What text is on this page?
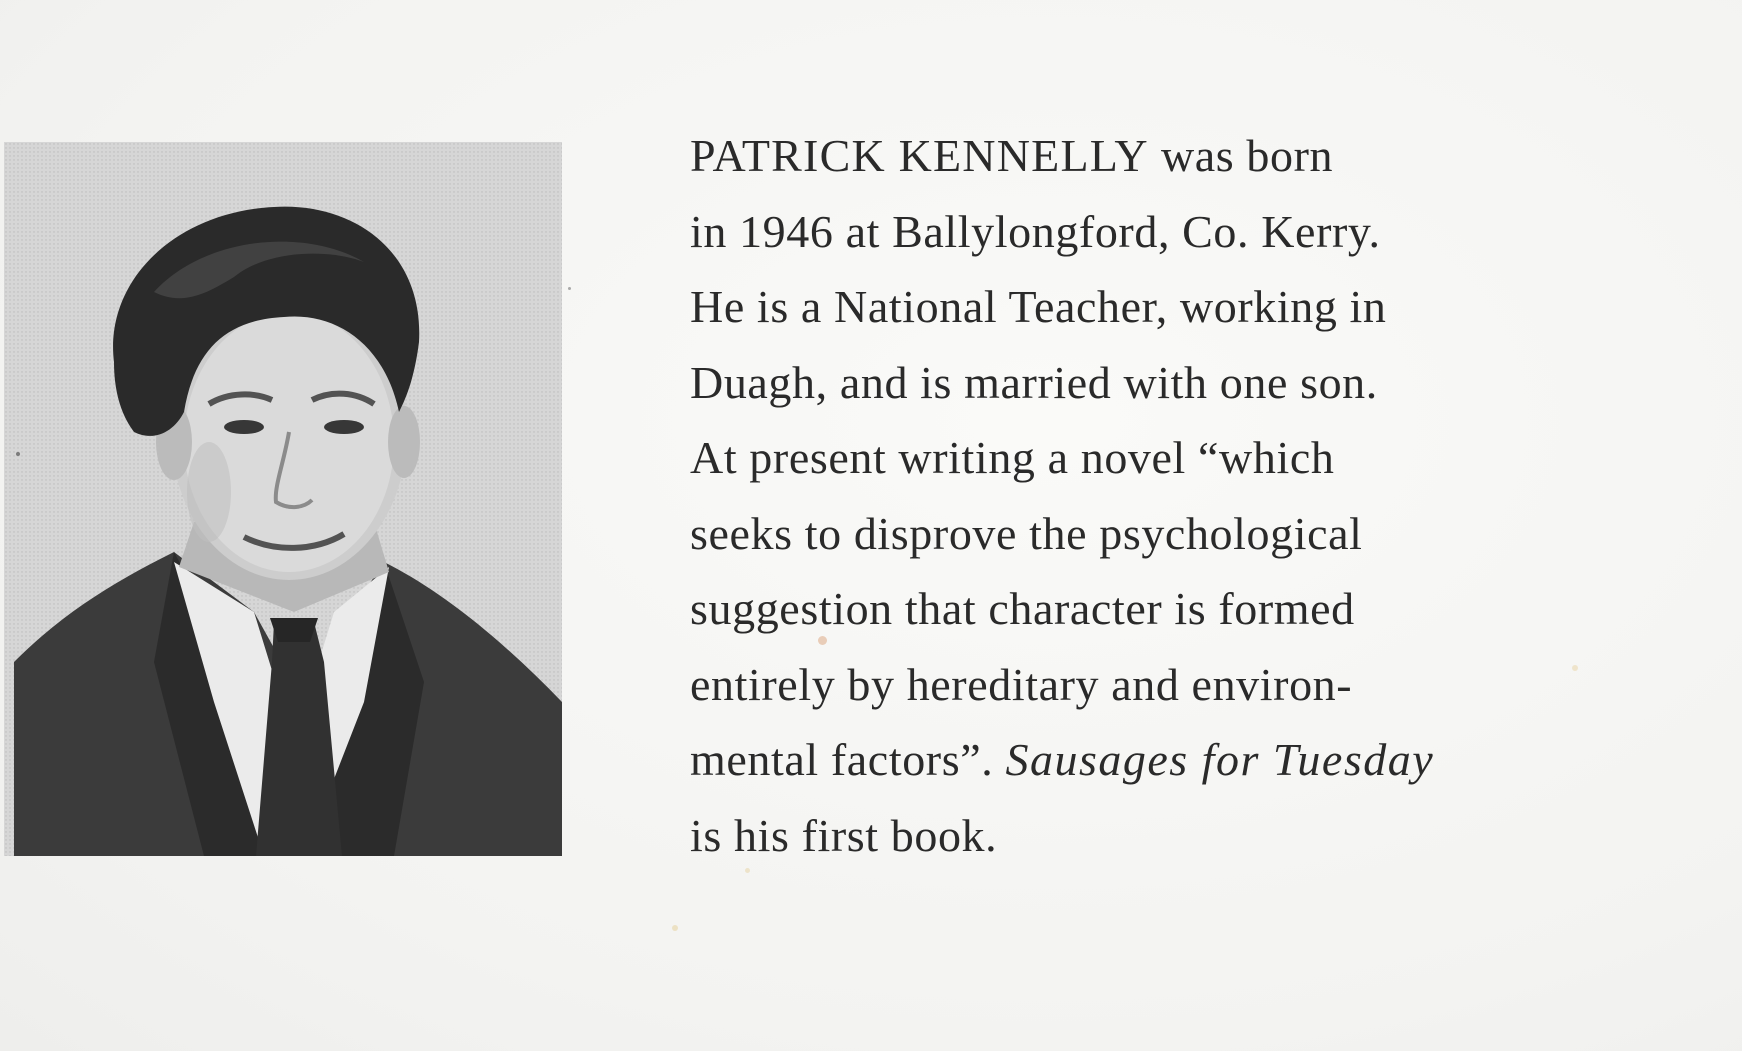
PATRICK KENNELLY was born
in 1946 at Ballylongford, Co. Kerry.
He is a National Teacher, working in
Duagh, and is married with one son.
At present writing a novel “which
seeks to disprove the psychological
suggestion that character is formed
entirely by hereditary and environ-
mental factors”. Sausages for Tuesday
is his first book.
